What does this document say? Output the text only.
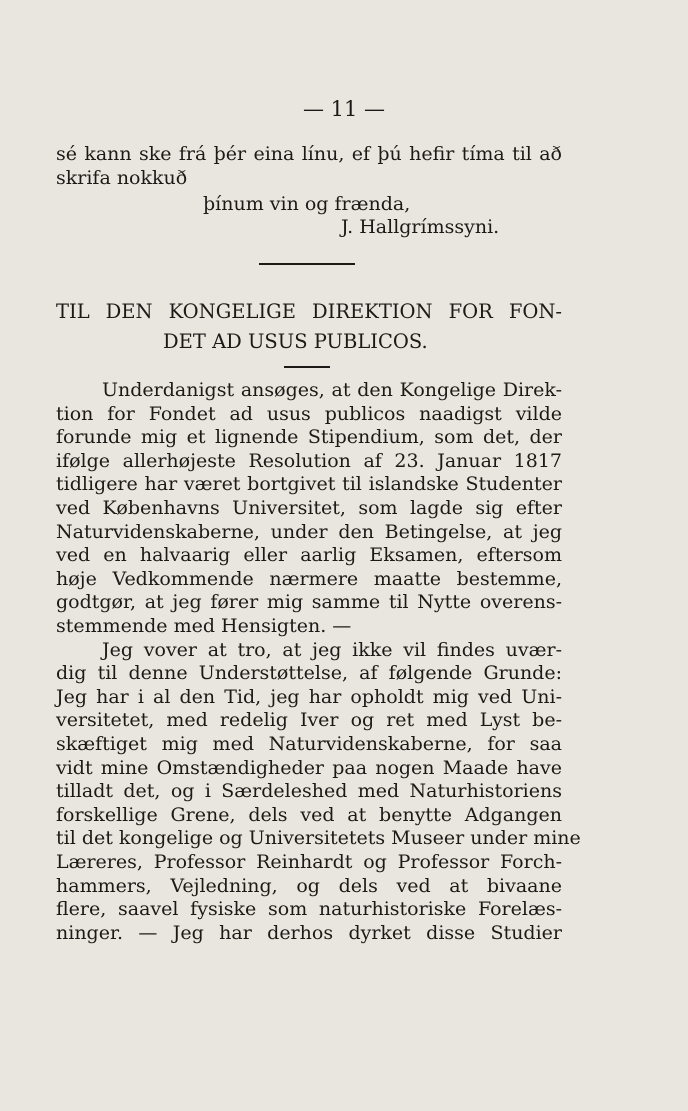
— 11 —
sé kann ske frá þér eina línu, ef þú hefir tíma til að
skrifa nokkuð
þínum vin og frænda,
J. Hallgrímssyni.
TIL DEN KONGELIGE DIREKTION FOR FON-
DET AD USUS PUBLICOS.
Underdanigst ansøges, at den Kongelige Direk-
tion for Fondet ad usus publicos naadigst vilde
forunde mig et lignende Stipendium, som det, der
ifølge allerhøjeste Resolution af 23. Januar 1817
tidligere har været bortgivet til islandske Studenter
ved Københavns Universitet, som lagde sig efter
Naturvidenskaberne, under den Betingelse, at jeg
ved en halvaarig eller aarlig Eksamen, eftersom
høje Vedkommende nærmere maatte bestemme,
godtgør, at jeg fører mig samme til Nytte overens-
stemmende med Hensigten. —
Jeg vover at tro, at jeg ikke vil findes uvær-
dig til denne Understøttelse, af følgende Grunde:
Jeg har i al den Tid, jeg har opholdt mig ved Uni-
versitetet, med redelig Iver og ret med Lyst be-
skæftiget mig med Naturvidenskaberne, for saa
vidt mine Omstændigheder paa nogen Maade have
tilladt det, og i Særdeleshed med Naturhistoriens
forskellige Grene, dels ved at benytte Adgangen
til det kongelige og Universitetets Museer under mine
Læreres, Professor Reinhardt og Professor Forch-
hammers, Vejledning, og dels ved at bivaane
flere, saavel fysiske som naturhistoriske Forelæs-
ninger. — Jeg har derhos dyrket disse Studier
